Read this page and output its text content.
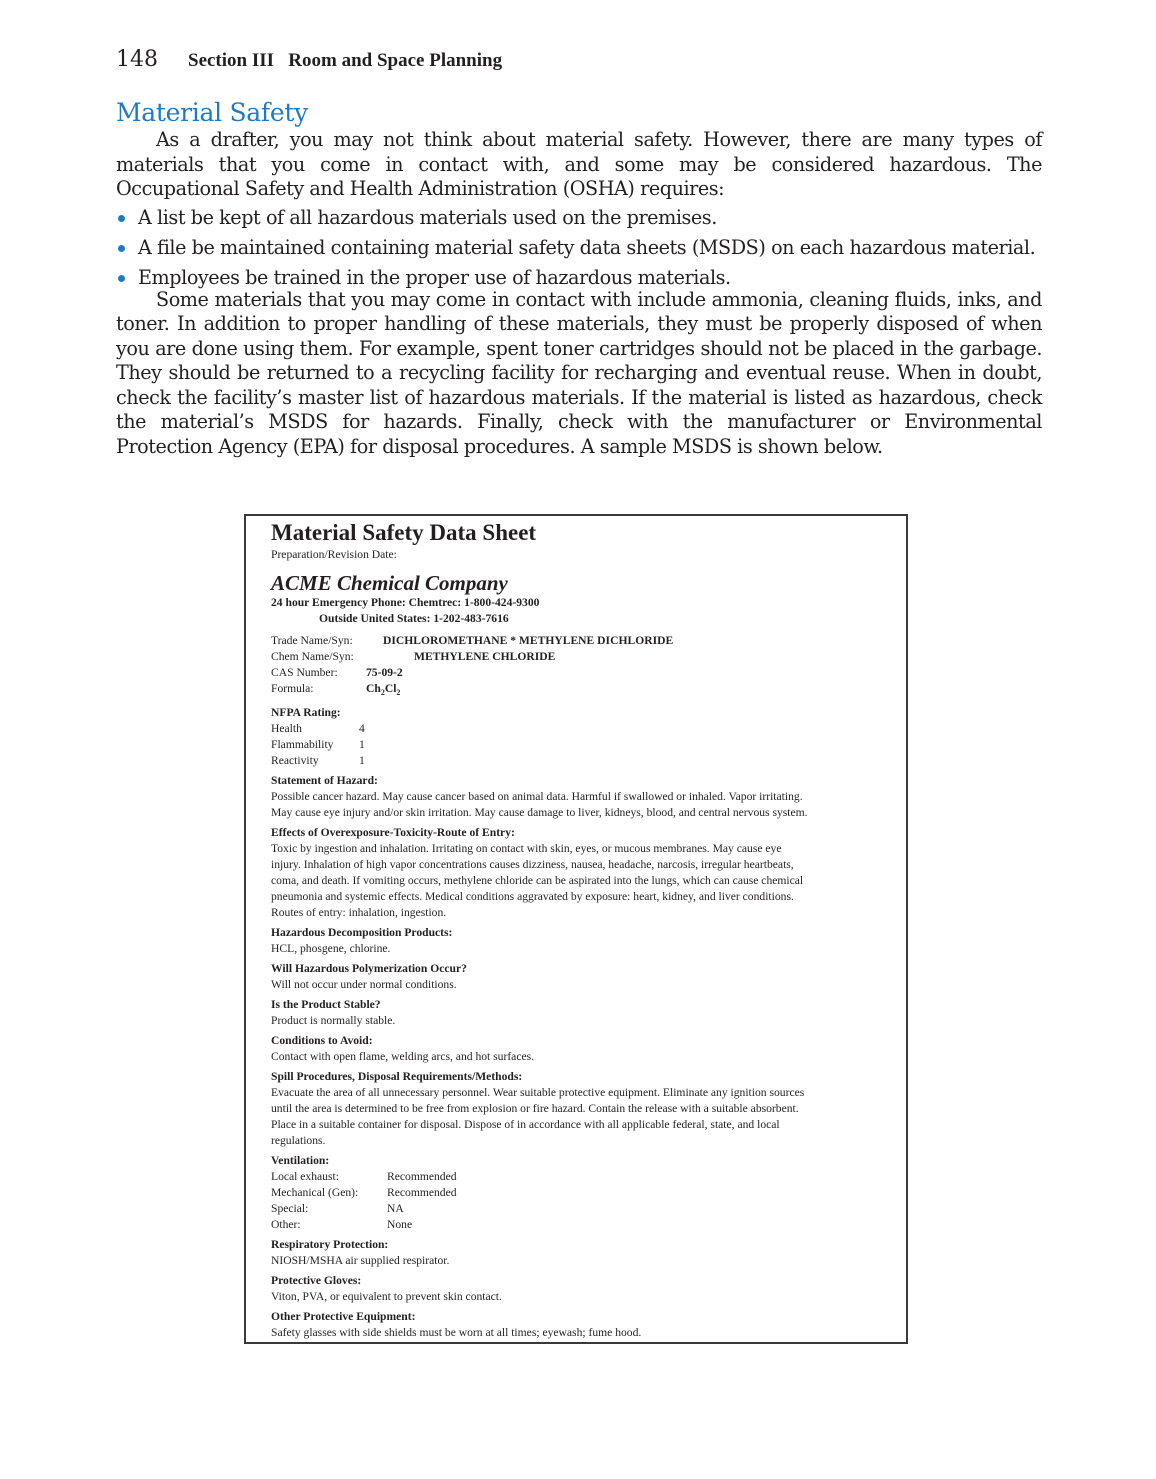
148 Section III Room and Space Planning
Material Safety

As a drafter, you may not think about material safety. However, there are many types of materials that you come in contact with, and some may be considered hazardous. The Occupational Safety and Health Administration (OSHA) requires:

A list be kept of all hazardous materials used on the premises.
A file be maintained containing material safety data sheets (MSDS) on each hazardous material.
Employees be trained in the proper use of hazardous materials.

Some materials that you may come in contact with include ammonia, cleaning fluids, inks, and toner. In addition to proper handling of these materials, they must be properly disposed of when you are done using them. For example, spent toner cartridges should not be placed in the garbage. They should be returned to a recycling facility for recharging and eventual reuse. When in doubt, check the facility’s master list of hazardous materials. If the material is listed as hazardous, check the material’s MSDS for hazards. Finally, check with the manufacturer or Environmental Protection Agency (EPA) for disposal procedures. A sample MSDS is shown below.

Material Safety Data Sheet
Preparation/Revision Date:
ACME Chemical Company
24 hour Emergency Phone: Chemtrec: 1-800-424-9300
Outside United States: 1-202-483-7616
Trade Name/Syn:	DICHLOROMETHANE * METHYLENE DICHLORIDE
Chem Name/Syn:	METHYLENE CHLORIDE
CAS Number: 75-09-2
Formula:	$Ch_2Cl_2$
NFPA Rating:
Health	4
Flammability 1
Reactivity	1
Statement of Hazard:
Possible cancer hazard. May cause cancer based on animal data. Harmful if swallowed or inhaled. Vapor irritating.
May cause eye injury and/or skin irritation. May cause damage to liver, kidneys, blood, and central nervous system.
Effects of Overexposure-Toxicity-Route of Entry:
Toxic by ingestion and inhalation. Irritating on contact with skin, eyes, or mucous membranes. May cause eye
injury. Inhalation of high vapor concentrations causes dizziness, nausea, headache, narcosis, irregular heartbeats,
coma, and death. If vomiting occurs, methylene chloride can be aspirated into the lungs, which can cause chemical
pneumonia and systemic effects. Medical conditions aggravated by exposure: heart, kidney, and liver conditions.
Routes of entry: inhalation, ingestion.
Hazardous Decomposition Products:
HCL, phosgene, chlorine.
Will Hazardous Polymerization Occur?
Will not occur under normal conditions.
Is the Product Stable?
Product is normally stable.
Conditions to Avoid:
Contact with open flame, welding arcs, and hot surfaces.
Spill Procedures, Disposal Requirements/Methods:
Evacuate the area of all unnecessary personnel. Wear suitable protective equipment. Eliminate any ignition sources
until the area is determined to be free from explosion or fire hazard. Contain the release with a suitable absorbent.
Place in a suitable container for disposal. Dispose of in accordance with all applicable federal, state, and local
regulations.
Ventilation:
Local exhaust:	Recommended
Mechanical (Gen): Recommended
Special:	NA
Other:	None
Respiratory Protection:
NIOSH/MSHA air supplied respirator.
Protective Gloves:
Viton, PVA, or equivalent to prevent skin contact.
Other Protective Equipment:
Safety glasses with side shields must be worn at all times; eyewash; fume hood.
